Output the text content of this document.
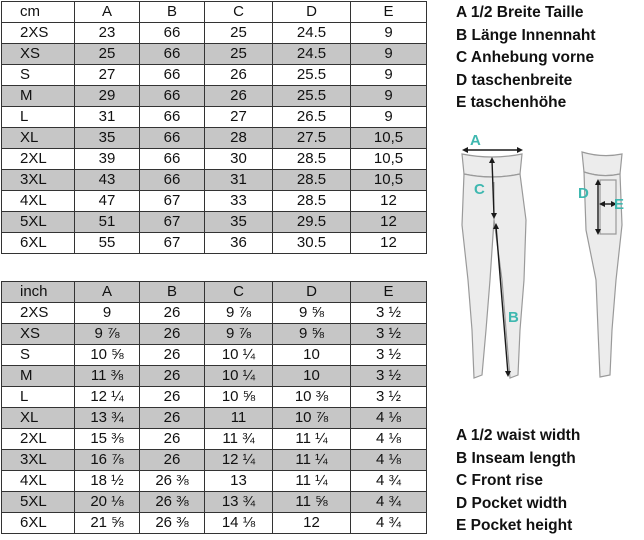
cm	A	B	C	D	E
2XS	23	66	25	24.5	9
XS	25	66	25	24.5	9
S	27	66	26	25.5	9
M	29	66	26	25.5	9
L	31	66	27	26.5	9
XL	35	66	28	27.5	10,5
2XL	39	66	30	28.5	10,5
3XL	43	66	31	28.5	10,5
4XL	47	67	33	28.5	12
5XL	51	67	35	29.5	12
6XL	55	67	36	30.5	12
inch	A	B	C	D	E
2XS	9	26	9 ⅞	9 ⅝	3 ½
XS	9 ⅞	26	9 ⅞	9 ⅝	3 ½
S	10 ⅝	26	10 ¼	10	3 ½
M	11 ⅜	26	10 ¼	10	3 ½
L	12 ¼	26	10 ⅝	10 ⅜	3 ½
XL	13 ¾	26	11	10 ⅞	4 ⅛
2XL	15 ⅜	26	11 ¾	11 ¼	4 ⅛
3XL	16 ⅞	26	12 ¼	11 ¼	4 ⅛
4XL	18 ½	26 ⅜	13	11 ¼	4 ¾
5XL	20 ⅛	26 ⅜	13 ¾	11 ⅝	4 ¾
6XL	21 ⅝	26 ⅜	14 ⅛	12	4 ¾
A 1/2 Breite Taille
B Länge Innennaht
C Anhebung vorne
D taschenbreite
E taschenhöhe
A 1/2 waist width
B Inseam length
C Front rise
D Pocket width
E Pocket height
A
C
B
D
E
